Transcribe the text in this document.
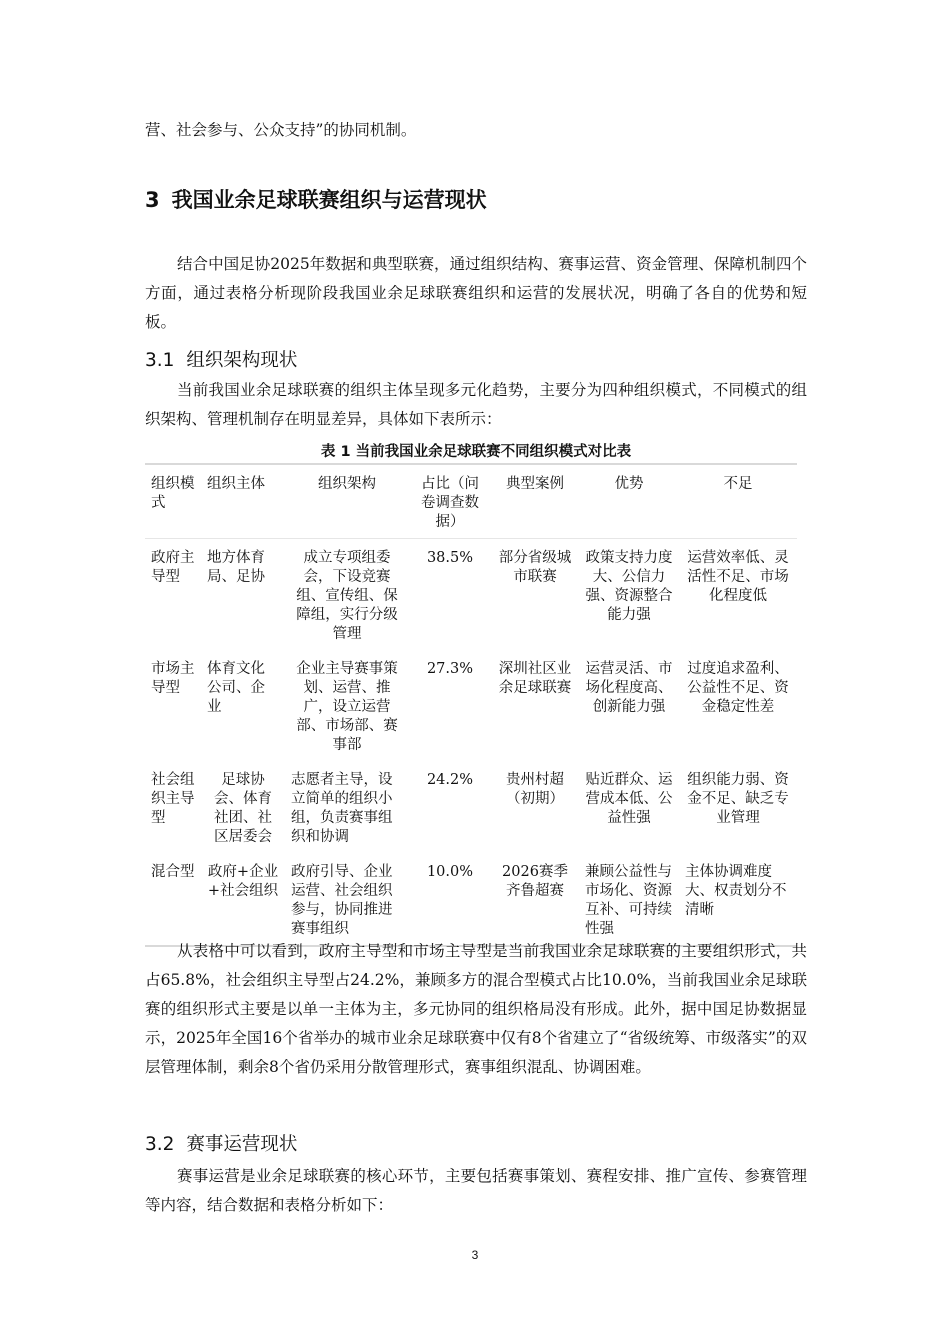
营、社会参与、公众支持”的协同机制。
3 我国业余足球联赛组织与运营现状
结合中国足协2025年数据和典型联赛，通过组织结构、赛事运营、资金管理、保障机制四个方面，通过表格分析现阶段我国业余足球联赛组织和运营的发展状况，明确了各自的优势和短板。
3.1 组织架构现状
当前我国业余足球联赛的组织主体呈现多元化趋势，主要分为四种组织模式，不同模式的组织架构、管理机制存在明显差异，具体如下表所示：
表 1 当前我国业余足球联赛不同组织模式对比表
组织模式	组织主体	组织架构	占比（问卷调查数据）	典型案例	优势	不足
政府主导型	地方体育局、足协	成立专项组委会，下设竞赛组、宣传组、保障组，实行分级管理	38.5%	部分省级城市联赛	政策支持力度大、公信力强、资源整合能力强	运营效率低、灵活性不足、市场化程度低
市场主导型	体育文化公司、企业	企业主导赛事策划、运营、推广，设立运营部、市场部、赛事部	27.3%	深圳社区业余足球联赛	运营灵活、市场化程度高、创新能力强	过度追求盈利、公益性不足、资金稳定性差
社会组织主导型	足球协会、体育社团、社区居委会	志愿者主导，设立简单的组织小组，负责赛事组织和协调	24.2%	贵州村超（初期）	贴近群众、运营成本低、公益性强	组织能力弱、资金不足、缺乏专业管理
混合型	政府+企业+社会组织	政府引导、企业运营、社会组织参与，协同推进赛事组织	10.0%	2026赛季齐鲁超赛	兼顾公益性与市场化、资源互补、可持续性强	主体协调难度大、权责划分不清晰
从表格中可以看到，政府主导型和市场主导型是当前我国业余足球联赛的主要组织形式，共占65.8%，社会组织主导型占24.2%，兼顾多方的混合型模式占比10.0%，当前我国业余足球联赛的组织形式主要是以单一主体为主，多元协同的组织格局没有形成。此外，据中国足协数据显示，2025年全国16个省举办的城市业余足球联赛中仅有8个省建立了“省级统筹、市级落实”的双层管理体制，剩余8个省仍采用分散管理形式，赛事组织混乱、协调困难。
3.2 赛事运营现状
赛事运营是业余足球联赛的核心环节，主要包括赛事策划、赛程安排、推广宣传、参赛管理等内容，结合数据和表格分析如下：
3
